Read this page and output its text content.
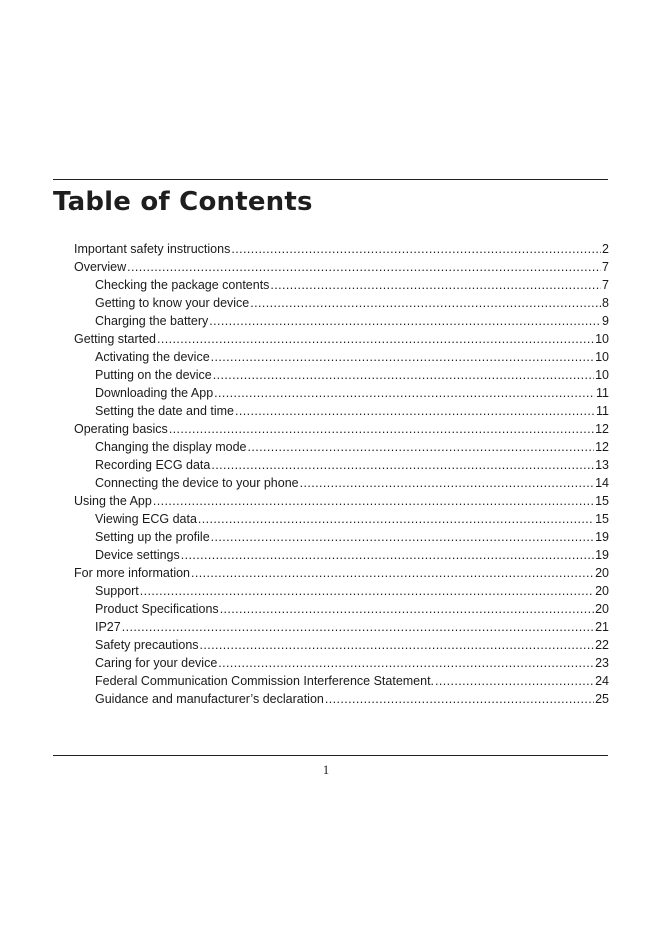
Table of Contents
Important safety instructions .....	2
Overview .....	7
Checking the package contents .....	7
Getting to know your device .....	8
Charging the battery .....	9
Getting started .....	10
Activating the device .....	10
Putting on the device .....	10
Downloading the App .....	11
Setting the date and time .....	11
Operating basics .....	12
Changing the display mode .....	12
Recording ECG data .....	13
Connecting the device to your phone .....	14
Using the App .....	15
Viewing ECG data .....	15
Setting up the profile .....	19
Device settings .....	19
For more information .....	20
Support .....	20
Product Specifications .....	20
IP27 .....	21
Safety precautions .....	22
Caring for your device .....	23
Federal Communication Commission Interference Statement. .....	24
Guidance and manufacturer’s declaration .....	25
1
